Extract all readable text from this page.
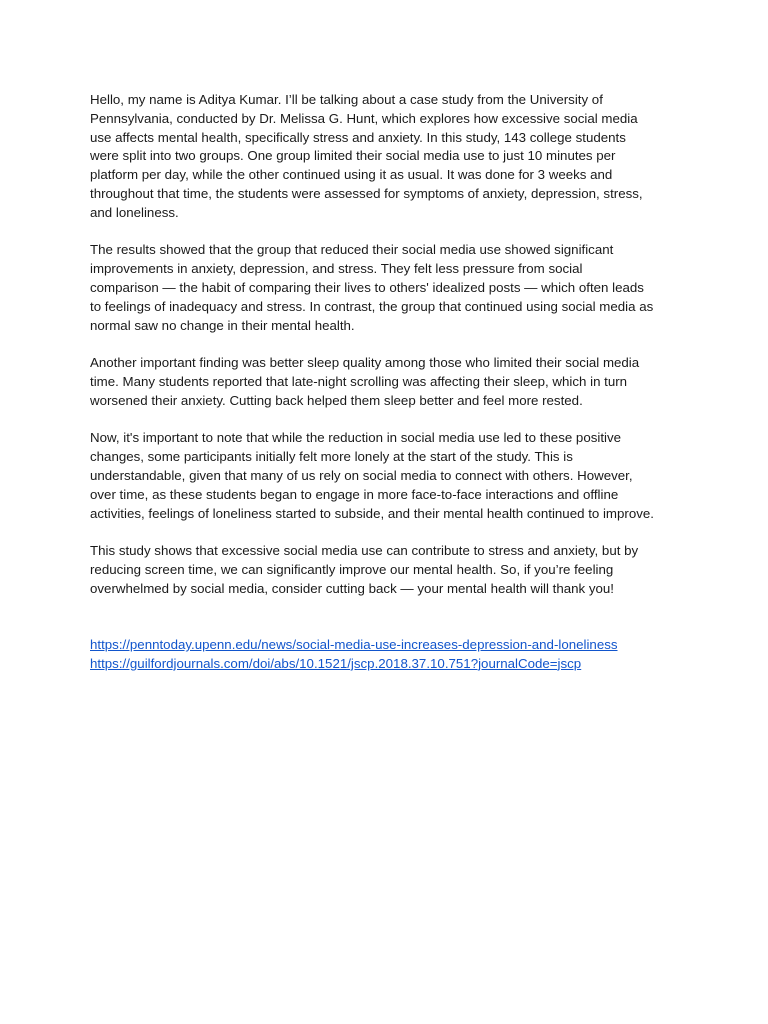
Hello, my name is Aditya Kumar. I’ll be talking about a case study from the University of
Pennsylvania, conducted by Dr. Melissa G. Hunt, which explores how excessive social media
use affects mental health, specifically stress and anxiety. In this study, 143 college students
were split into two groups. One group limited their social media use to just 10 minutes per
platform per day, while the other continued using it as usual. It was done for 3 weeks and
throughout that time, the students were assessed for symptoms of anxiety, depression, stress,
and loneliness.

The results showed that the group that reduced their social media use showed significant
improvements in anxiety, depression, and stress. They felt less pressure from social
comparison — the habit of comparing their lives to others' idealized posts — which often leads
to feelings of inadequacy and stress. In contrast, the group that continued using social media as
normal saw no change in their mental health.

Another important finding was better sleep quality among those who limited their social media
time. Many students reported that late-night scrolling was affecting their sleep, which in turn
worsened their anxiety. Cutting back helped them sleep better and feel more rested.

Now, it's important to note that while the reduction in social media use led to these positive
changes, some participants initially felt more lonely at the start of the study. This is
understandable, given that many of us rely on social media to connect with others. However,
over time, as these students began to engage in more face-to-face interactions and offline
activities, feelings of loneliness started to subside, and their mental health continued to improve.

This study shows that excessive social media use can contribute to stress and anxiety, but by
reducing screen time, we can significantly improve our mental health. So, if you’re feeling
overwhelmed by social media, consider cutting back — your mental health will thank you!

https://penntoday.upenn.edu/news/social-media-use-increases-depression-and-loneliness
https://guilfordjournals.com/doi/abs/10.1521/jscp.2018.37.10.751?journalCode=jscp
